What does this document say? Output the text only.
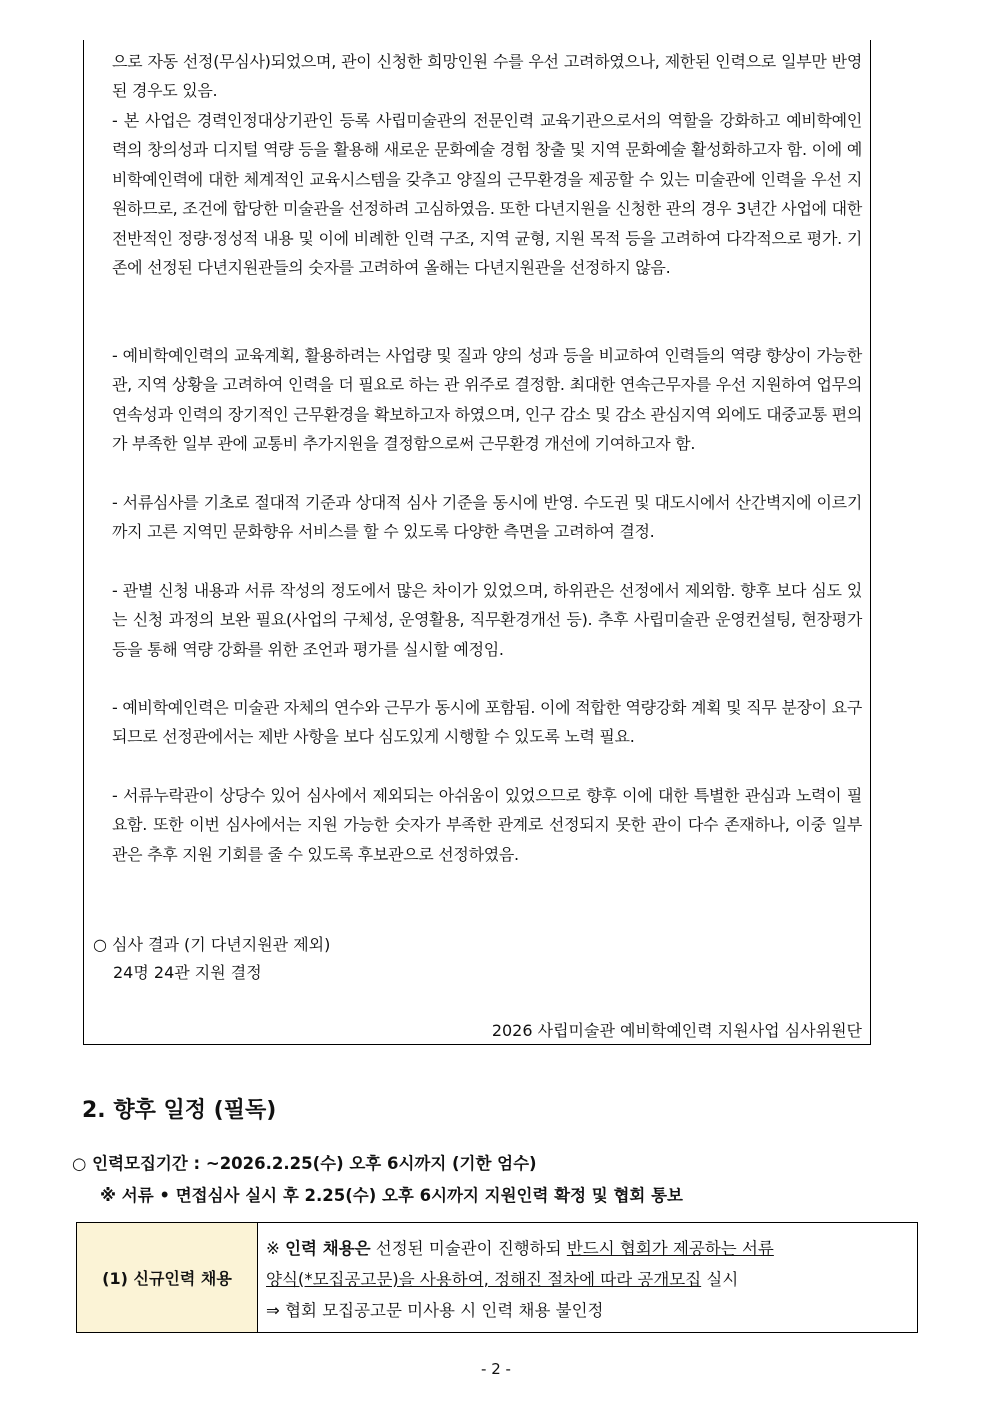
으로 자동 선정(무심사)되었으며, 관이 신청한 희망인원 수를 우선 고려하였으나, 제한된 인력으로 일부만 반영된 경우도 있음.
- 본 사업은 경력인정대상기관인 등록 사립미술관의 전문인력 교육기관으로서의 역할을 강화하고 예비학예인력의 창의성과 디지털 역량 등을 활용해 새로운 문화예술 경험 창출 및 지역 문화예술 활성화하고자 함. 이에 예비학예인력에 대한 체계적인 교육시스템을 갖추고 양질의 근무환경을 제공할 수 있는 미술관에 인력을 우선 지원하므로, 조건에 합당한 미술관을 선정하려 고심하였음. 또한 다년지원을 신청한 관의 경우 3년간 사업에 대한 전반적인 정량·정성적 내용 및 이에 비례한 인력 구조, 지역 균형, 지원 목적 등을 고려하여 다각적으로 평가. 기존에 선정된 다년지원관들의 숫자를 고려하여 올해는 다년지원관을 선정하지 않음.
- 예비학예인력의 교육계획, 활용하려는 사업량 및 질과 양의 성과 등을 비교하여 인력들의 역량 향상이 가능한 관, 지역 상황을 고려하여 인력을 더 필요로 하는 관 위주로 결정함. 최대한 연속근무자를 우선 지원하여 업무의 연속성과 인력의 장기적인 근무환경을 확보하고자 하였으며, 인구 감소 및 감소 관심지역 외에도 대중교통 편의가 부족한 일부 관에 교통비 추가지원을 결정함으로써 근무환경 개선에 기여하고자 함.
- 서류심사를 기초로 절대적 기준과 상대적 심사 기준을 동시에 반영. 수도권 및 대도시에서 산간벽지에 이르기까지 고른 지역민 문화향유 서비스를 할 수 있도록 다양한 측면을 고려하여 결정.
- 관별 신청 내용과 서류 작성의 정도에서 많은 차이가 있었으며, 하위관은 선정에서 제외함. 향후 보다 심도 있는 신청 과정의 보완 필요(사업의 구체성, 운영활용, 직무환경개선 등). 추후 사립미술관 운영컨설팅, 현장평가 등을 통해 역량 강화를 위한 조언과 평가를 실시할 예정임.
- 예비학예인력은 미술관 자체의 연수와 근무가 동시에 포함됨. 이에 적합한 역량강화 계획 및 직무 분장이 요구되므로 선정관에서는 제반 사항을 보다 심도있게 시행할 수 있도록 노력 필요.
- 서류누락관이 상당수 있어 심사에서 제외되는 아쉬움이 있었으므로 향후 이에 대한 특별한 관심과 노력이 필요함. 또한 이번 심사에서는 지원 가능한 숫자가 부족한 관계로 선정되지 못한 관이 다수 존재하나, 이중 일부 관은 추후 지원 기회를 줄 수 있도록 후보관으로 선정하였음.
○ 심사 결과 (기 다년지원관 제외)
24명 24관 지원 결정
2026 사립미술관 예비학예인력 지원사업 심사위원단
2. 향후 일정 (필독)
○ 인력모집기간 : ~2026.2.25(수) 오후 6시까지 (기한 엄수)
※ 서류 • 면접심사 실시 후 2.25(수) 오후 6시까지 지원인력 확정 및 협회 통보
(1) 신규인력 채용
※ 인력 채용은 선정된 미술관이 진행하되 반드시 협회가 제공하는 서류
양식(*모집공고문)을 사용하여, 정해진 절차에 따라 공개모집 실시
⇒ 협회 모집공고문 미사용 시 인력 채용 불인정
- 2 -
